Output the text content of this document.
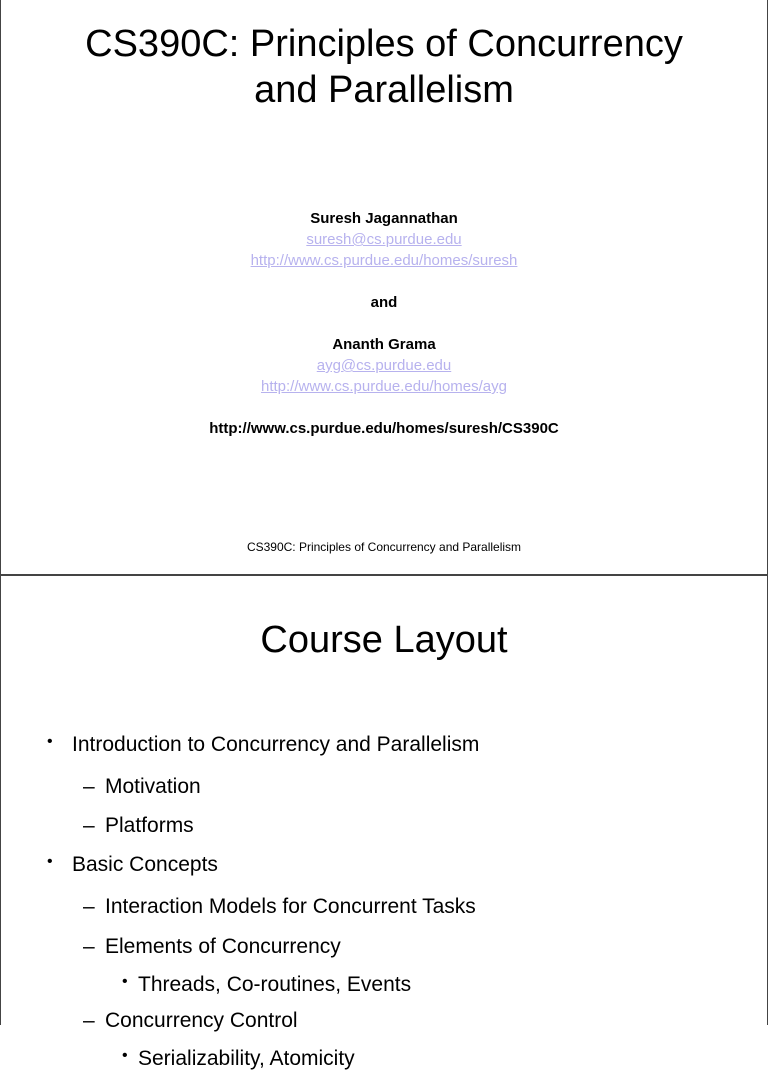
CS390C: Principles of Concurrency
and Parallelism
Suresh Jagannathan
suresh@cs.purdue.edu
http://www.cs.purdue.edu/homes/suresh
and
Ananth Grama
ayg@cs.purdue.edu
http://www.cs.purdue.edu/homes/ayg
http://www.cs.purdue.edu/homes/suresh/CS390C
CS390C: Principles of Concurrency and Parallelism
Course Layout
• Introduction to Concurrency and Parallelism
– Motivation
– Platforms
• Basic Concepts
– Interaction Models for Concurrent Tasks
– Elements of Concurrency
• Threads, Co-routines, Events
– Concurrency Control
• Serializability, Atomicity
